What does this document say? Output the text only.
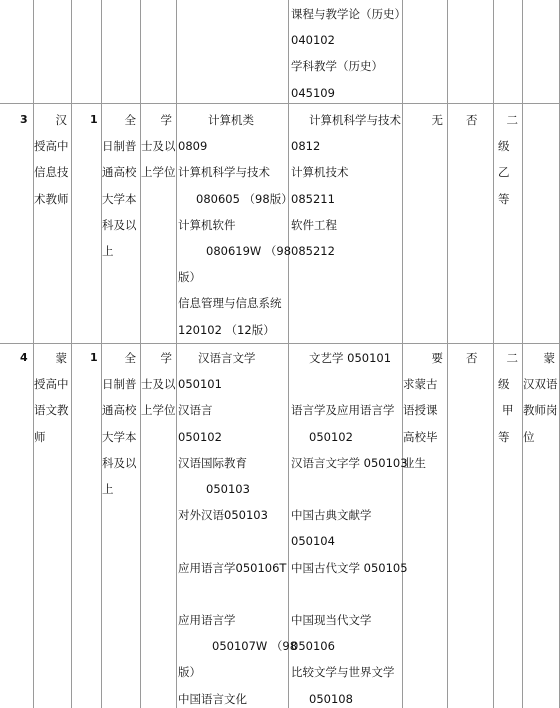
课程与教学论（历史）
040102
学科教学（历史）
045109
3 汉
授高中
信息技
术教师
1 全
日制普
通高校
大学本
科及以
上
学
士及以
上学位
计算机类
0809
计算机科学与技术
080605 （98版）
计算机软件
080619W （98
版）
信息管理与信息系统
120102 （12版）
计算机科学与技术
0812
计算机技术
085211
软件工程
085212
无 否	二
级
乙
等
4 蒙
授高中
语文教
师
1 全
日制普
通高校
大学本
科及以
上
学
士及以
上学位
汉语言文学
050101
汉语言
050102
汉语国际教育
050103
对外汉语050103
应用语言学050106T
应用语言学
050107W （98
版）
中国语言文化
文艺学 050101
语言学及应用语言学
050102
汉语言文字学 050103
中国古典文献学
050104
中国古代文学 050105
中国现当代文学
050106
比较文学与世界文学
050108
要
求蒙古
语授课
高校毕
业生
否	二
级
甲
等
蒙
汉双语
教师岗
位
